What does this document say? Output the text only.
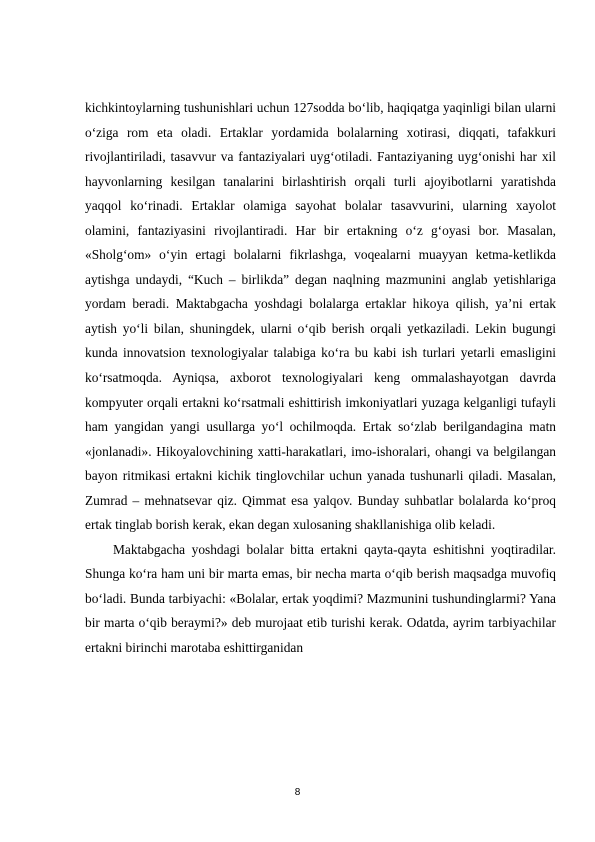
kichkintoylarning tushunishlari uchun 127sodda bo‘lib, haqiqatga yaqinligi bilan ularni o‘ziga rom eta oladi. Ertaklar yordamida bolalarning xotirasi, diqqati, tafakkuri rivojlantiriladi, tasavvur va fantaziyalari uyg‘otiladi. Fantaziyaning uyg‘onishi har xil hayvonlarning kesilgan tanalarini birlashtirish orqali turli ajoyibotlarni yaratishda yaqqol ko‘rinadi. Ertaklar olamiga sayohat bolalar tasavvurini, ularning xayolot olamini, fantaziyasini rivojlantiradi. Har bir ertakning o‘z g‘oyasi bor. Masalan, «Sholg‘om» o‘yin ertagi bolalarni fikrlashga, voqealarni muayyan ketma-ketlikda aytishga undaydi, “Kuch – birlikda” degan naqlning mazmunini anglab yetishlariga yordam beradi. Maktabgacha yoshdagi bolalarga ertaklar hikoya qilish, ya’ni ertak aytish yo‘li bilan, shuningdek, ularni o‘qib berish orqali yetkaziladi. Lekin bugungi kunda innovatsion texnologiyalar talabiga ko‘ra bu kabi ish turlari yetarli emasligini ko‘rsatmoqda. Ayniqsa, axborot texnologiyalari keng ommalashayotgan davrda kompyuter orqali ertakni ko‘rsatmali eshittirish imkoniyatlari yuzaga kelganligi tufayli ham yangidan yangi usullarga yo‘l ochilmoqda. Ertak so‘zlab berilgandagina matn «jonlanadi». Hikoyalovchining xatti-harakatlari, imo-ishoralari, ohangi va belgilangan bayon ritmikasi ertakni kichik tinglovchilar uchun yanada tushunarli qiladi. Masalan, Zumrad – mehnatsevar qiz. Qimmat esa yalqov. Bunday suhbatlar bolalarda ko‘proq ertak tinglab borish kerak, ekan degan xulosaning shakllanishiga olib keladi.

Maktabgacha yoshdagi bolalar bitta ertakni qayta-qayta eshitishni yoqtiradilar. Shunga ko‘ra ham uni bir marta emas, bir necha marta o‘qib berish maqsadga muvofiq bo‘ladi. Bunda tarbiyachi: «Bolalar, ertak yoqdimi? Mazmunini tushundinglarmi? Yana bir marta o‘qib beraymi?» deb murojaat etib turishi kerak. Odatda, ayrim tarbiyachilar ertakni birinchi marotaba eshittirganidan

8
